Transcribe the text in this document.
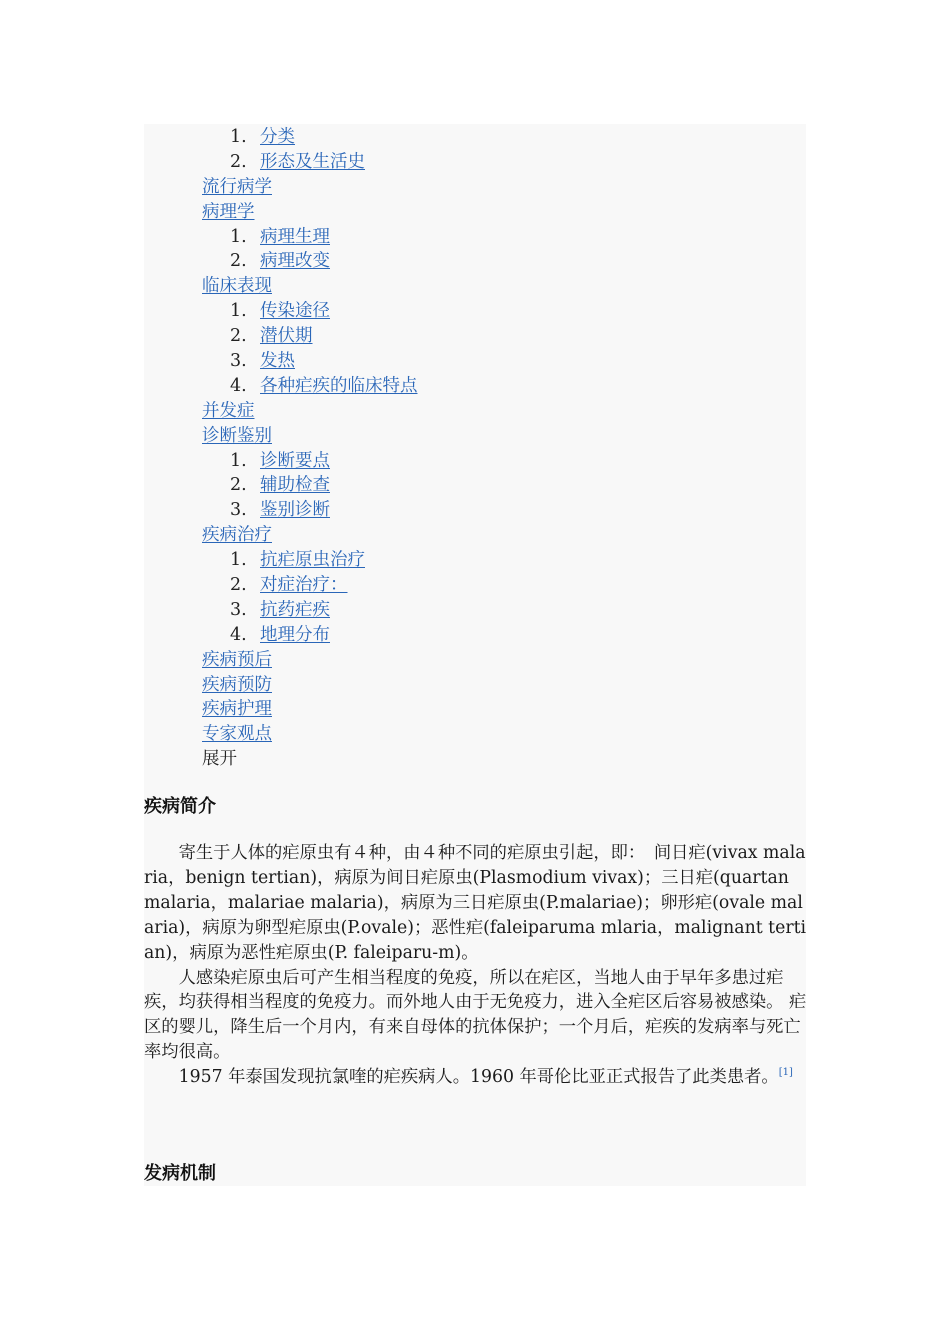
1. 分类
2. 形态及生活史
流行病学
病理学
1. 病理生理
2. 病理改变
临床表现
1. 传染途径
2. 潜伏期
3. 发热
4. 各种疟疾的临床特点
并发症
诊断鉴别
1. 诊断要点
2. 辅助检查
3. 鉴别诊断
疾病治疗
1. 抗疟原虫治疗
2. 对症治疗：
3. 抗药疟疾
4. 地理分布
疾病预后
疾病预防
疾病护理
专家观点
展开
疾病简介

寄生于人体的疟原虫有４种，由４种不同的疟原虫引起，即：　间日疟(vivax malaria，benign tertian)，病原为间日疟原虫(Plasmodium vivax)；三日疟(quartan malaria，malariae malaria)，病原为三日疟原虫(P.malariae)；卵形疟(ovale malaria)，病原为卵型疟原虫(P.ovale)；恶性疟(faleiparuma mlaria，malignant tertian)，病原为恶性疟原虫(P. faleiparu-m)。

人感染疟原虫后可产生相当程度的免疫，所以在疟区，当地人由于早年多患过疟疾，均获得相当程度的免疫力。而外地人由于无免疫力，进入全疟区后容易被感染。 疟区的婴儿，降生后一个月内，有来自母体的抗体保护；一个月后，疟疾的发病率与死亡率均很高。

1957 年泰国发现抗氯喹的疟疾病人。1960 年哥伦比亚正式报告了此类患者。[1]

发病机制
